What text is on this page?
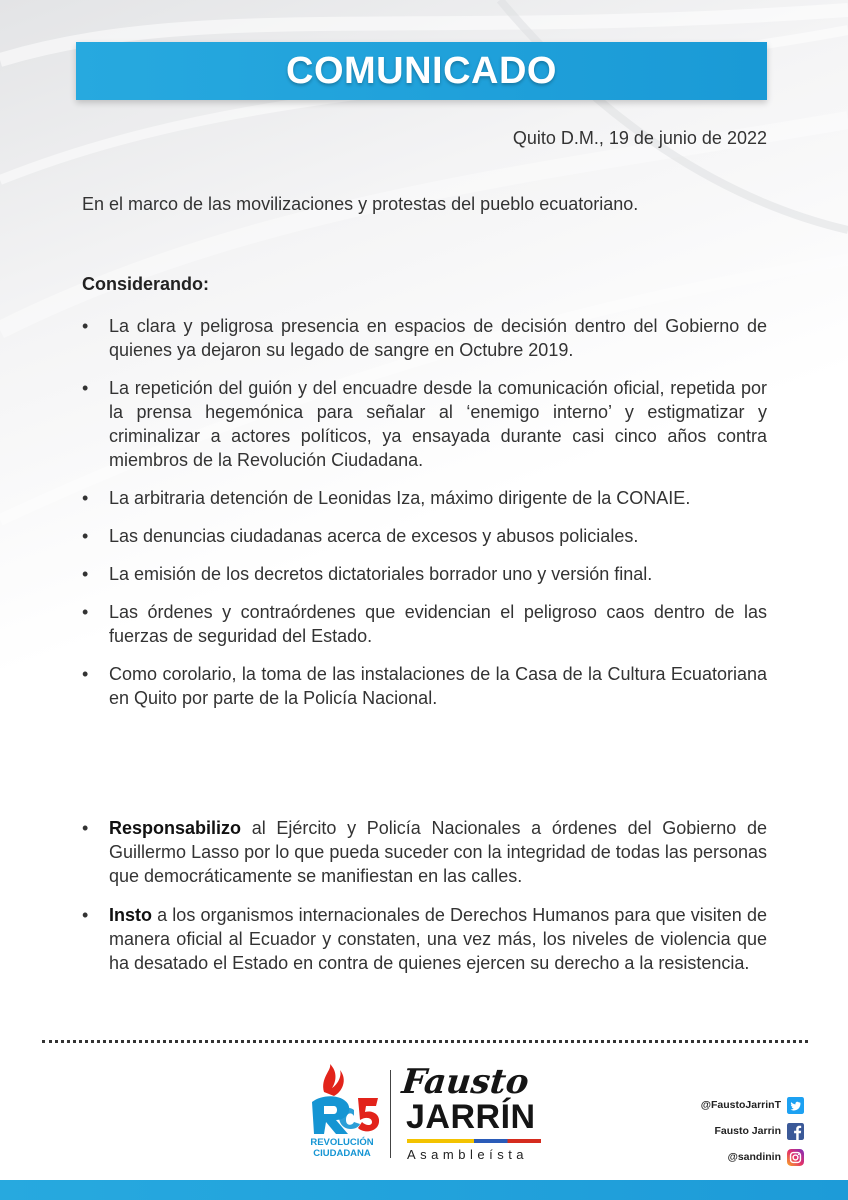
COMUNICADO
Quito D.M., 19 de junio de 2022
En el marco de las movilizaciones y protestas del pueblo ecuatoriano.
Considerando:
• La clara y peligrosa presencia en espacios de decisión dentro del Gobierno de quienes ya dejaron su legado de sangre en Octubre 2019.
• La repetición del guión y del encuadre desde la comunicación oficial, repetida por la prensa hegemónica para señalar al ‘enemigo interno’ y estigmatizar y criminalizar a actores políticos, ya ensayada durante casi cinco años contra miembros de la Revolución Ciudadana.
• La arbitraria detención de Leonidas Iza, máximo dirigente de la CONAIE.
• Las denuncias ciudadanas acerca de excesos y abusos policiales.
• La emisión de los decretos dictatoriales borrador uno y versión final.
• Las órdenes y contraórdenes que evidencian el peligroso caos dentro de las fuerzas de seguridad del Estado.
• Como corolario, la toma de las instalaciones de la Casa de la Cultura Ecuatoriana en Quito por parte de la Policía Nacional.
• Responsabilizo al Ejército y Policía Nacionales a órdenes del Gobierno de Guillermo Lasso por lo que pueda suceder con la integridad de todas las personas que democráticamente se manifiestan en las calles.
• Insto a los organismos internacionales de Derechos Humanos para que visiten de manera oficial al Ecuador y constaten, una vez más, los niveles de violencia que ha desatado el Estado en contra de quienes ejercen su derecho a la resistencia.
REVOLUCIÓN
CIUDADANA
Fausto
JARRÍN
Asambleísta
@FaustoJarrinT
Fausto Jarrin
@sandinin
